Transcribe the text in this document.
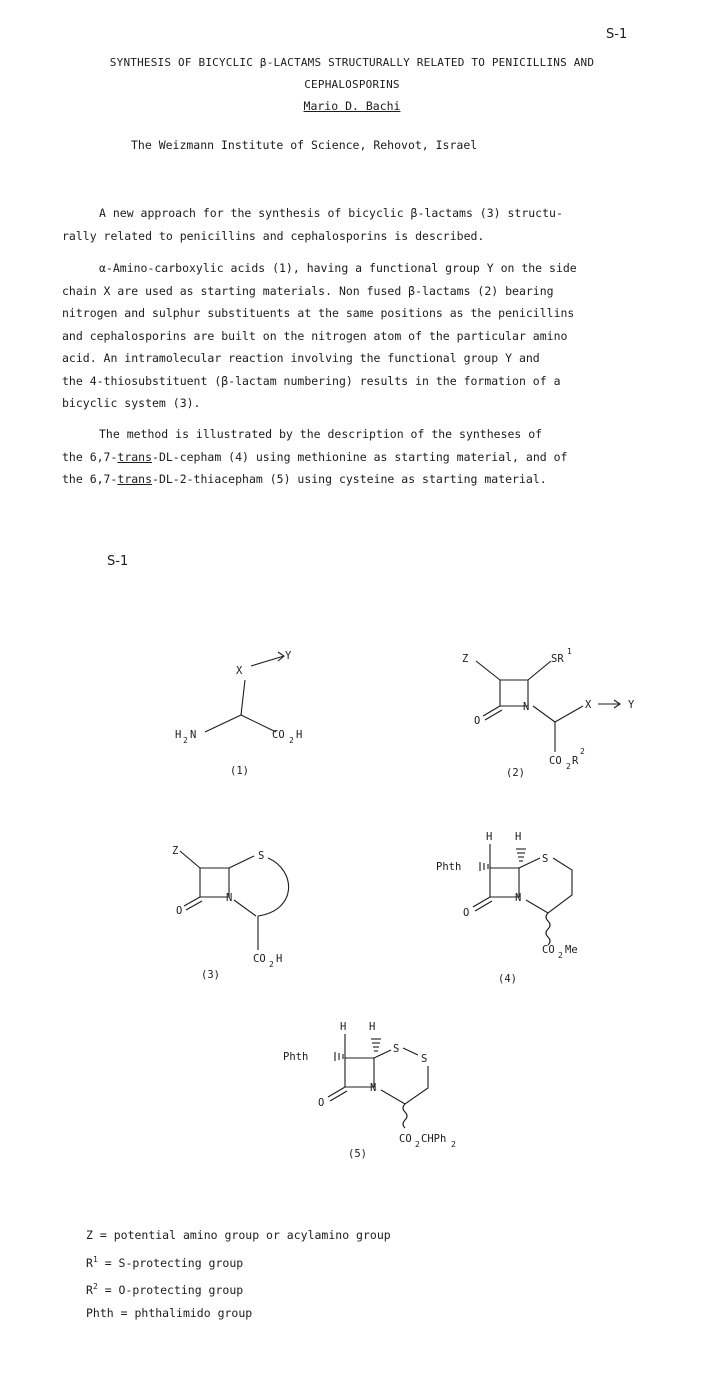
S-1
SYNTHESIS OF BICYCLIC β-LACTAMS STRUCTURALLY RELATED TO PENICILLINS AND
CEPHALOSPORINS
Mario D. Bachi
The Weizmann Institute of Science, Rehovot, Israel
A new approach for the synthesis of bicyclic β-lactams (3) structu-
rally related to penicillins and cephalosporins is described.
α-Amino-carboxylic acids (1), having a functional group Y on the side
chain X are used as starting materials. Non fused β-lactams (2) bearing
nitrogen and sulphur substituents at the same positions as the penicillins
and cephalosporins are built on the nitrogen atom of the particular amino
acid. An intramolecular reaction involving the functional group Y and
the 4-thiosubstituent (β-lactam numbering) results in the formation of a
bicyclic system (3).
The method is illustrated by the description of the syntheses of
the 6,7-trans-DL-cepham (4) using methionine as starting material, and of
the 6,7-trans-DL-2-thiacepham (5) using cysteine as starting material.
S-1
X
Y
H 2 N	CO 2 H
(1)
Z	SR
1
O
N	X	Y
CO 2 R
2
(2)
Z	S
O
N
CO 2 H
(3)
H H
Phth
S
O
N
CO 2 Me
(4)
H H
Phth
S
S
O
N
CO 2 CHPh 2
(5)
Z = potential amino group or acylamino group
$R^1$ = S-protecting group
$R^2$ = O-protecting group
Phth = phthalimido group
